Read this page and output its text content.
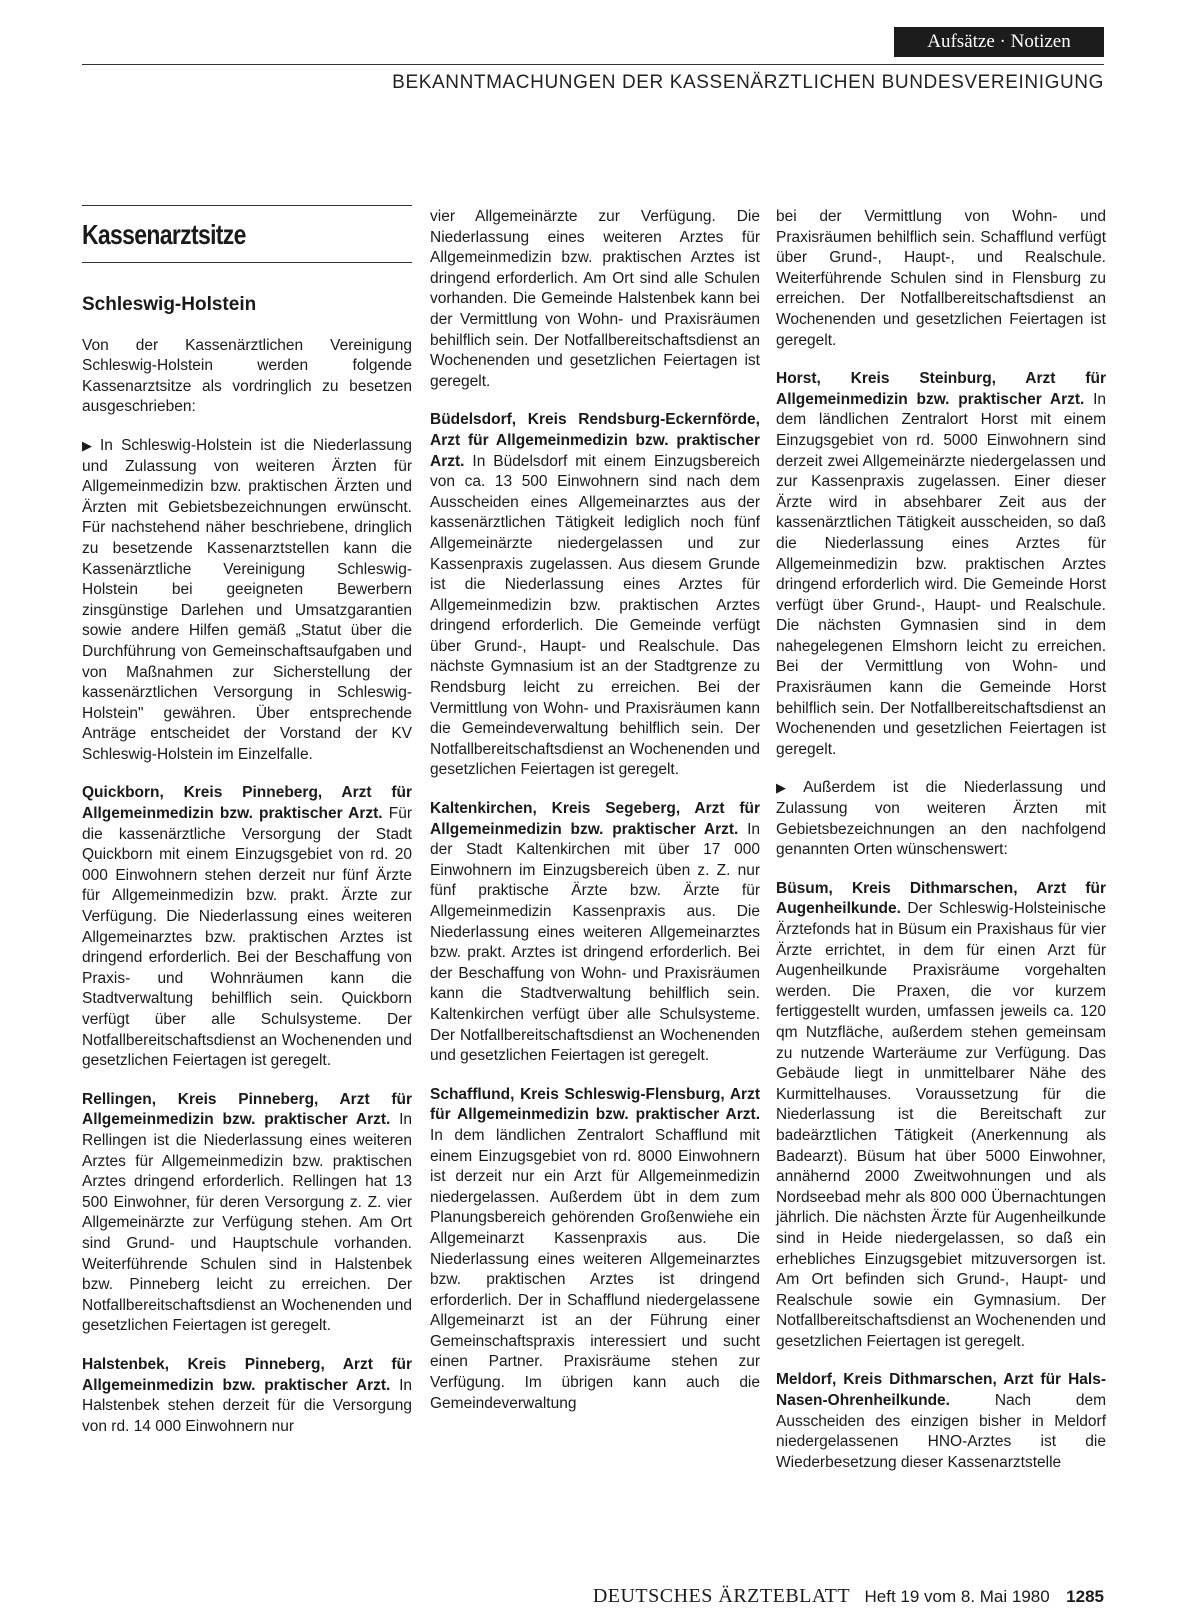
Aufsätze · Notizen
BEKANNTMACHUNGEN DER KASSENÄRZTLICHEN BUNDESVEREINIGUNG
Kassenarztsitze
Schleswig-Holstein

Von der Kassenärztlichen Vereinigung Schleswig-Holstein werden folgende Kassenarztsitze als vordringlich zu besetzen ausgeschrieben:

▶ In Schleswig-Holstein ist die Niederlassung und Zulassung von weiteren Ärzten für Allgemeinmedizin bzw. praktischen Ärzten und Ärzten mit Gebietsbezeichnungen erwünscht. Für nachstehend näher beschriebene, dringlich zu besetzende Kassenarztstellen kann die Kassenärztliche Vereinigung Schleswig-Holstein bei geeigneten Bewerbern zinsgünstige Darlehen und Umsatzgarantien sowie andere Hilfen gemäß „Statut über die Durchführung von Gemeinschaftsaufgaben und von Maßnahmen zur Sicherstellung der kassenärztlichen Versorgung in Schleswig-Holstein" gewähren. Über entsprechende Anträge entscheidet der Vorstand der KV Schleswig-Holstein im Einzelfalle.

Quickborn, Kreis Pinneberg, Arzt für Allgemeinmedizin bzw. praktischer Arzt. Für die kassenärztliche Versorgung der Stadt Quickborn mit einem Einzugsgebiet von rd. 20 000 Einwohnern stehen derzeit nur fünf Ärzte für Allgemeinmedizin bzw. prakt. Ärzte zur Verfügung. Die Niederlassung eines weiteren Allgemeinarztes bzw. praktischen Arztes ist dringend erforderlich. Bei der Beschaffung von Praxis- und Wohnräumen kann die Stadtverwaltung behilflich sein. Quickborn verfügt über alle Schulsysteme. Der Notfallbereitschaftsdienst an Wochenenden und gesetzlichen Feiertagen ist geregelt.

Rellingen, Kreis Pinneberg, Arzt für Allgemeinmedizin bzw. praktischer Arzt. In Rellingen ist die Niederlassung eines weiteren Arztes für Allgemeinmedizin bzw. praktischen Arztes dringend erforderlich. Rellingen hat 13 500 Einwohner, für deren Versorgung z. Z. vier Allgemeinärzte zur Verfügung stehen. Am Ort sind Grund- und Hauptschule vorhanden. Weiterführende Schulen sind in Halstenbek bzw. Pinneberg leicht zu erreichen. Der Notfallbereitschaftsdienst an Wochenenden und gesetzlichen Feiertagen ist geregelt.

Halstenbek, Kreis Pinneberg, Arzt für Allgemeinmedizin bzw. praktischer Arzt. In Halstenbek stehen derzeit für die Versorgung von rd. 14 000 Einwohnern nur

vier Allgemeinärzte zur Verfügung. Die Niederlassung eines weiteren Arztes für Allgemeinmedizin bzw. praktischen Arztes ist dringend erforderlich. Am Ort sind alle Schulen vorhanden. Die Gemeinde Halstenbek kann bei der Vermittlung von Wohn- und Praxisräumen behilflich sein. Der Notfallbereitschaftsdienst an Wochenenden und gesetzlichen Feiertagen ist geregelt.

Büdelsdorf, Kreis Rendsburg-Eckernförde, Arzt für Allgemeinmedizin bzw. praktischer Arzt. In Büdelsdorf mit einem Einzugsbereich von ca. 13 500 Einwohnern sind nach dem Ausscheiden eines Allgemeinarztes aus der kassenärztlichen Tätigkeit lediglich noch fünf Allgemeinärzte niedergelassen und zur Kassenpraxis zugelassen. Aus diesem Grunde ist die Niederlassung eines Arztes für Allgemeinmedizin bzw. praktischen Arztes dringend erforderlich. Die Gemeinde verfügt über Grund-, Haupt- und Realschule. Das nächste Gymnasium ist an der Stadtgrenze zu Rendsburg leicht zu erreichen. Bei der Vermittlung von Wohn- und Praxisräumen kann die Gemeindeverwaltung behilflich sein. Der Notfallbereitschaftsdienst an Wochenenden und gesetzlichen Feiertagen ist geregelt.

Kaltenkirchen, Kreis Segeberg, Arzt für Allgemeinmedizin bzw. praktischer Arzt. In der Stadt Kaltenkirchen mit über 17 000 Einwohnern im Einzugsbereich üben z. Z. nur fünf praktische Ärzte bzw. Ärzte für Allgemeinmedizin Kassenpraxis aus. Die Niederlassung eines weiteren Allgemeinarztes bzw. prakt. Arztes ist dringend erforderlich. Bei der Beschaffung von Wohn- und Praxisräumen kann die Stadtverwaltung behilflich sein. Kaltenkirchen verfügt über alle Schulsysteme. Der Notfallbereitschaftsdienst an Wochenenden und gesetzlichen Feiertagen ist geregelt.

Schafflund, Kreis Schleswig-Flensburg, Arzt für Allgemeinmedizin bzw. praktischer Arzt. In dem ländlichen Zentralort Schafflund mit einem Einzugsgebiet von rd. 8000 Einwohnern ist derzeit nur ein Arzt für Allgemeinmedizin niedergelassen. Außerdem übt in dem zum Planungsbereich gehörenden Großenwiehe ein Allgemeinarzt Kassenpraxis aus. Die Niederlassung eines weiteren Allgemeinarztes bzw. praktischen Arztes ist dringend erforderlich. Der in Schafflund niedergelassene Allgemeinarzt ist an der Führung einer Gemeinschaftspraxis interessiert und sucht einen Partner. Praxisräume stehen zur Verfügung. Im übrigen kann auch die Gemeindeverwaltung

bei der Vermittlung von Wohn- und Praxisräumen behilflich sein. Schafflund verfügt über Grund-, Haupt-, und Realschule. Weiterführende Schulen sind in Flensburg zu erreichen. Der Notfallbereitschaftsdienst an Wochenenden und gesetzlichen Feiertagen ist geregelt.

Horst, Kreis Steinburg, Arzt für Allgemeinmedizin bzw. praktischer Arzt. In dem ländlichen Zentralort Horst mit einem Einzugsgebiet von rd. 5000 Einwohnern sind derzeit zwei Allgemeinärzte niedergelassen und zur Kassenpraxis zugelassen. Einer dieser Ärzte wird in absehbarer Zeit aus der kassenärztlichen Tätigkeit ausscheiden, so daß die Niederlassung eines Arztes für Allgemeinmedizin bzw. praktischen Arztes dringend erforderlich wird. Die Gemeinde Horst verfügt über Grund-, Haupt- und Realschule. Die nächsten Gymnasien sind in dem nahegelegenen Elmshorn leicht zu erreichen. Bei der Vermittlung von Wohn- und Praxisräumen kann die Gemeinde Horst behilflich sein. Der Notfallbereitschaftsdienst an Wochenenden und gesetzlichen Feiertagen ist geregelt.

▶ Außerdem ist die Niederlassung und Zulassung von weiteren Ärzten mit Gebietsbezeichnungen an den nachfolgend genannten Orten wünschenswert:

Büsum, Kreis Dithmarschen, Arzt für Augenheilkunde. Der Schleswig-Holsteinische Ärztefonds hat in Büsum ein Praxishaus für vier Ärzte errichtet, in dem für einen Arzt für Augenheilkunde Praxisräume vorgehalten werden. Die Praxen, die vor kurzem fertiggestellt wurden, umfassen jeweils ca. 120 qm Nutzfläche, außerdem stehen gemeinsam zu nutzende Warteräume zur Verfügung. Das Gebäude liegt in unmittelbarer Nähe des Kurmittelhauses. Voraussetzung für die Niederlassung ist die Bereitschaft zur badeärztlichen Tätigkeit (Anerkennung als Badearzt). Büsum hat über 5000 Einwohner, annähernd 2000 Zweitwohnungen und als Nordseebad mehr als 800 000 Übernachtungen jährlich. Die nächsten Ärzte für Augenheilkunde sind in Heide niedergelassen, so daß ein erhebliches Einzugsgebiet mitzuversorgen ist. Am Ort befinden sich Grund-, Haupt- und Realschule sowie ein Gymnasium. Der Notfallbereitschaftsdienst an Wochenenden und gesetzlichen Feiertagen ist geregelt.

Meldorf, Kreis Dithmarschen, Arzt für Hals-Nasen-Ohrenheilkunde.	Nach dem Ausscheiden des einzigen bisher in Meldorf niedergelassenen HNO-Arztes ist die Wiederbesetzung dieser Kassenarztstelle

DEUTSCHES ÄRZTEBLATT Heft 19 vom 8. Mai 1980 1285
